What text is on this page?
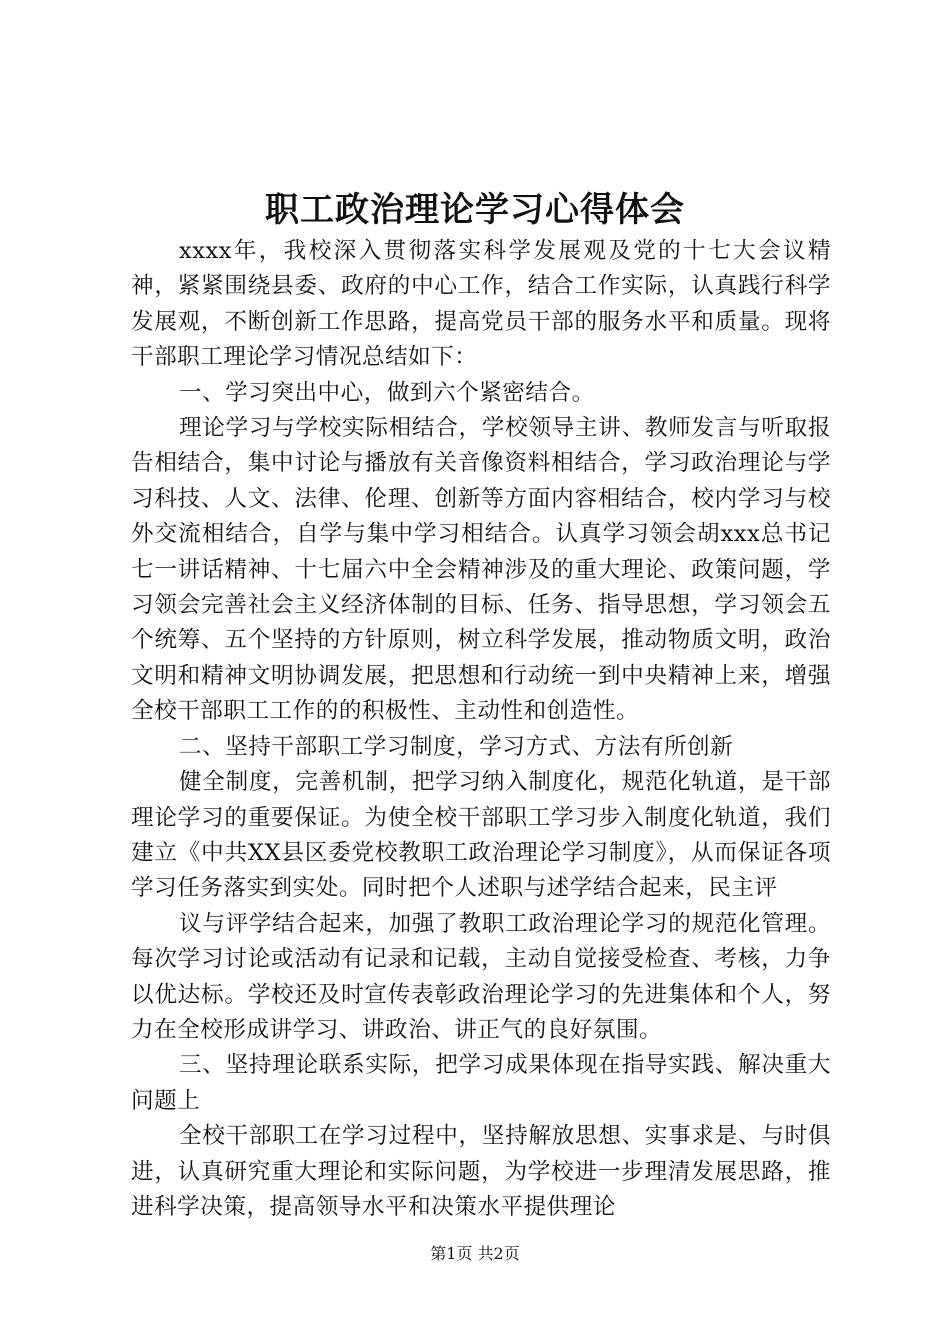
职工政治理论学习心得体会

xxxx年，我校深入贯彻落实科学发展观及党的十七大会议精神，紧紧围绕县委、政府的中心工作，结合工作实际，认真践行科学发展观，不断创新工作思路，提高党员干部的服务水平和质量。现将干部职工理论学习情况总结如下：

一、学习突出中心，做到六个紧密结合。

理论学习与学校实际相结合，学校领导主讲、教师发言与听取报告相结合，集中讨论与播放有关音像资料相结合，学习政治理论与学习科技、人文、法律、伦理、创新等方面内容相结合，校内学习与校外交流相结合，自学与集中学习相结合。认真学习领会胡xxx总书记七一讲话精神、十七届六中全会精神涉及的重大理论、政策问题，学习领会完善社会主义经济体制的目标、任务、指导思想，学习领会五个统筹、五个坚持的方针原则，树立科学发展，推动物质文明，政治文明和精神文明协调发展，把思想和行动统一到中央精神上来，增强全校干部职工工作的的积极性、主动性和创造性。

二、坚持干部职工学习制度，学习方式、方法有所创新

健全制度，完善机制，把学习纳入制度化，规范化轨道，是干部理论学习的重要保证。为使全校干部职工学习步入制度化轨道，我们建立《中共XX县区委党校教职工政治理论学习制度》，从而保证各项学习任务落实到实处。同时把个人述职与述学结合起来，民主评

议与评学结合起来，加强了教职工政治理论学习的规范化管理。每次学习讨论或活动有记录和记载，主动自觉接受检查、考核，力争以优达标。学校还及时宣传表彰政治理论学习的先进集体和个人，努力在全校形成讲学习、讲政治、讲正气的良好氛围。

三、坚持理论联系实际，把学习成果体现在指导实践、解决重大问题上

全校干部职工在学习过程中，坚持解放思想、实事求是、与时俱进，认真研究重大理论和实际问题，为学校进一步理清发展思路，推进科学决策，提高领导水平和决策水平提供理论

第1页 共2页
